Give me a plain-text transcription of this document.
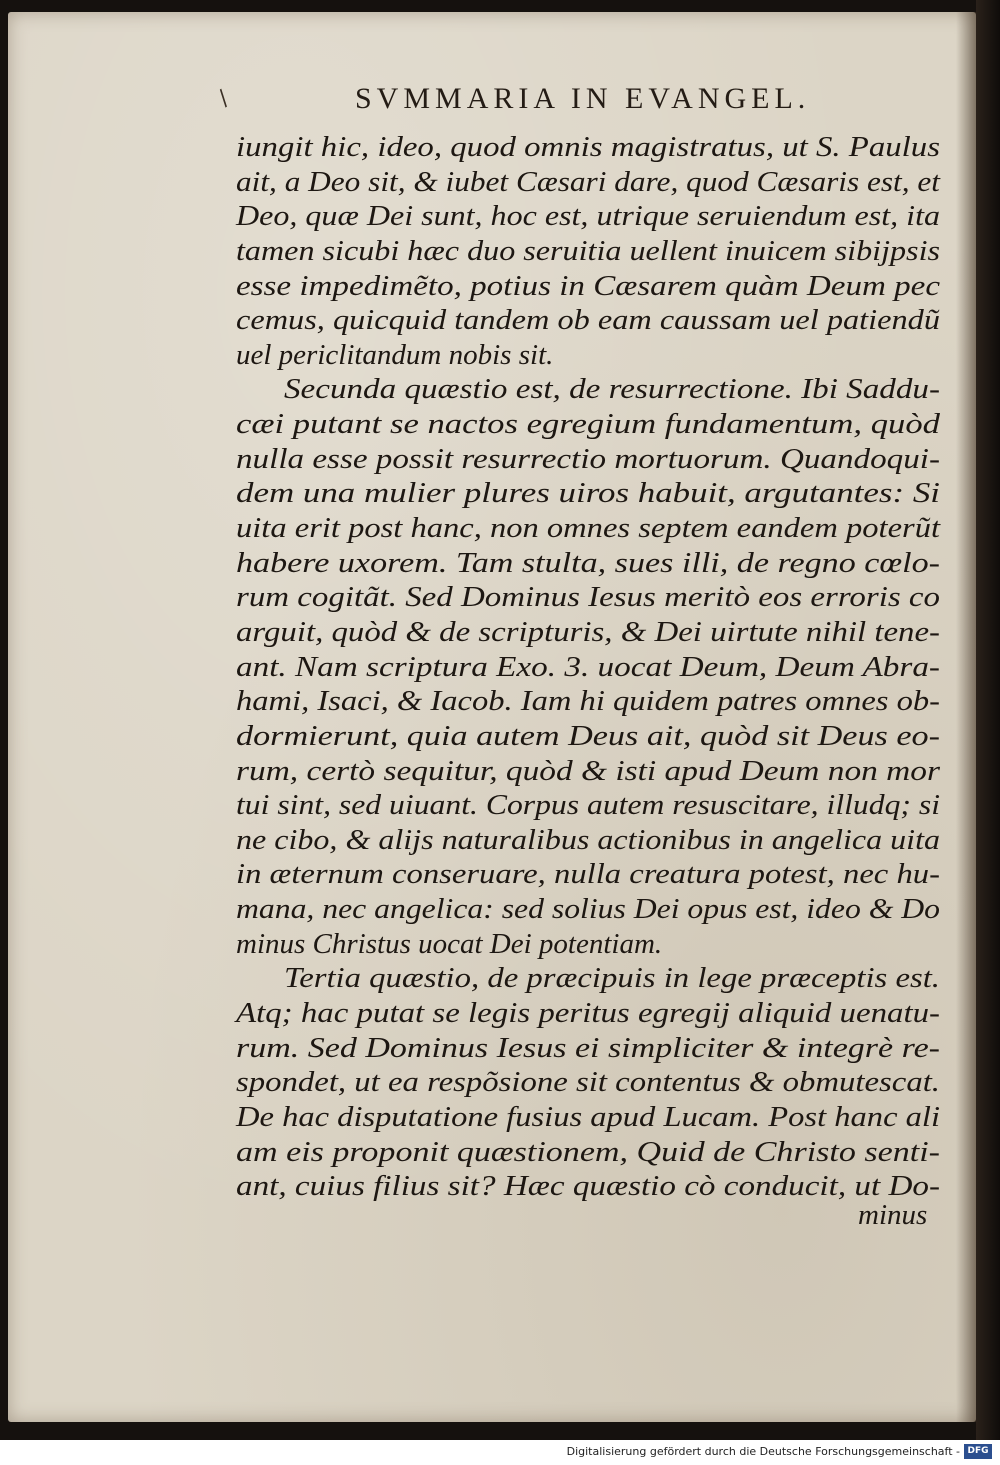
/	SVMMARIA IN EVANGEL.
iungit hic, ideo, quod omnis magistratus, ut S. Paulus
ait, a Deo sit, & iubet Cæsari dare, quod Cæsaris est, et
Deo, quæ Dei sunt, hoc est, utrique seruiendum est, ita
tamen sicubi hæc duo seruitia uellent inuicem sibijpsis
esse impedimẽto, potius in Cæsarem quàm Deum pec
cemus, quicquid tandem ob eam caussam uel patiendũ
uel periclitandum nobis sit.
Secunda quæstio est, de resurrectione. Ibi Saddu-
cæi putant se nactos egregium fundamentum, quòd
nulla esse possit resurrectio mortuorum. Quandoqui-
dem una mulier plures uiros habuit, argutantes: Si
uita erit post hanc, non omnes septem eandem poterũt
habere uxorem. Tam stulta, sues illi, de regno cœlo-
rum cogitãt. Sed Dominus Iesus meritò eos erroris co
arguit, quòd & de scripturis, & Dei uirtute nihil tene-
ant. Nam scriptura Exo. 3. uocat Deum, Deum Abra-
hami, Isaci, & Iacob. Iam hi quidem patres omnes ob-
dormierunt, quia autem Deus ait, quòd sit Deus eo-
rum, certò sequitur, quòd & isti apud Deum non mor
tui sint, sed uiuant. Corpus autem resuscitare, illudq; si
ne cibo, & alijs naturalibus actionibus in angelica uita
in æternum conseruare, nulla creatura potest, nec hu-
mana, nec angelica: sed solius Dei opus est, ideo & Do
minus Christus uocat Dei potentiam.
Tertia quæstio, de præcipuis in lege præceptis est.
Atq; hac putat se legis peritus egregij aliquid uenatu-
rum. Sed Dominus Iesus ei simpliciter & integrè re-
spondet, ut ea respõsione sit contentus & obmutescat.
De hac disputatione fusius apud Lucam. Post hanc ali
am eis proponit quæstionem, Quid de Christo senti-
ant, cuius filius sit? Hæc quæstio cò conducit, ut Do-
minus
Digitalisierung gefördert durch die Deutsche Forschungsgemeinschaft - DFG
